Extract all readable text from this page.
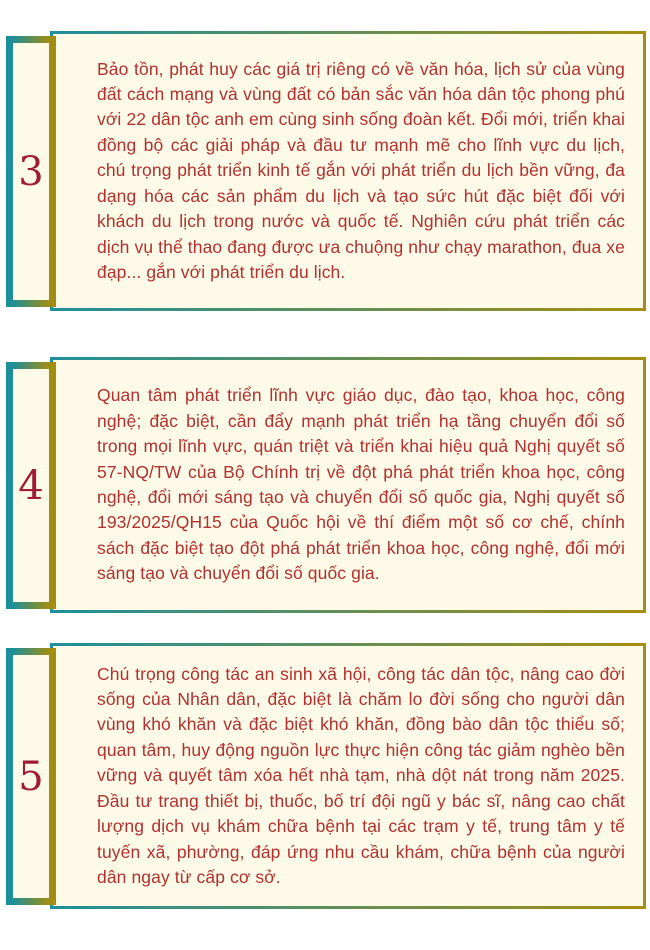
Bảo tồn, phát huy các giá trị riêng có về văn hóa, lịch sử của vùng đất cách mạng và vùng đất có bản sắc văn hóa dân tộc phong phú với 22 dân tộc anh em cùng sinh sống đoàn kết. Đổi mới, triển khai đồng bộ các giải pháp và đầu tư mạnh mẽ cho lĩnh vực du lịch, chú trọng phát triển kinh tế gắn với phát triển du lịch bền vững, đa dạng hóa các sản phẩm du lịch và tạo sức hút đặc biệt đối với khách du lịch trong nước và quốc tế. Nghiên cứu phát triển các dịch vụ thể thao đang được ưa chuộng như chạy marathon, đua xe đạp... gắn với phát triển du lịch.

3

Quan tâm phát triển lĩnh vực giáo dục, đào tạo, khoa học, công nghệ; đặc biệt, cần đẩy mạnh phát triển hạ tầng chuyển đổi số trong mọi lĩnh vực, quán triệt và triển khai hiệu quả Nghị quyết số 57-NQ/TW của Bộ Chính trị về đột phá phát triển khoa học, công nghệ, đổi mới sáng tạo và chuyển đổi số quốc gia, Nghị quyết số 193/2025/QH15 của Quốc hội về thí điểm một số cơ chế, chính sách đặc biệt tạo đột phá phát triển khoa học, công nghệ, đổi mới sáng tạo và chuyển đổi số quốc gia.

4

Chú trọng công tác an sinh xã hội, công tác dân tộc, nâng cao đời sống của Nhân dân, đặc biệt là chăm lo đời sống cho người dân vùng khó khăn và đặc biệt khó khăn, đồng bào dân tộc thiểu số; quan tâm, huy động nguồn lực thực hiện công tác giảm nghèo bền vững và quyết tâm xóa hết nhà tạm, nhà dột nát trong năm 2025. Đầu tư trang thiết bị, thuốc, bố trí đội ngũ y bác sĩ, nâng cao chất lượng dịch vụ khám chữa bệnh tại các trạm y tế, trung tâm y tế tuyến xã, phường, đáp ứng nhu cầu khám, chữa bệnh của người dân ngay từ cấp cơ sở.

5
